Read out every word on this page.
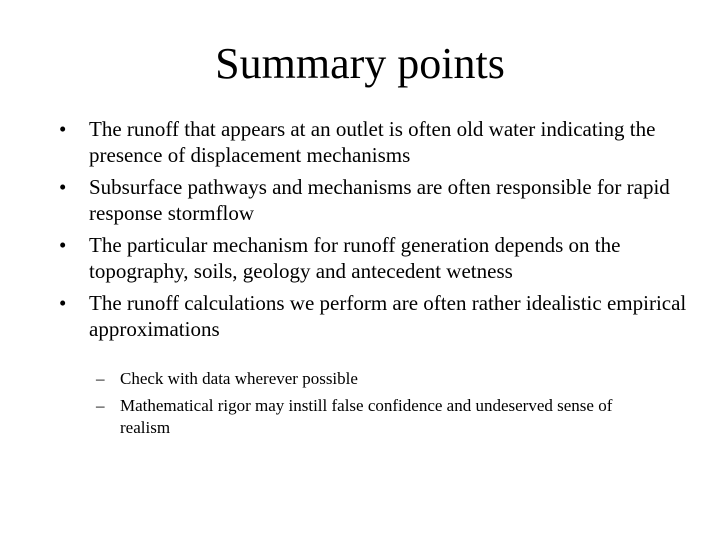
Summary points
• The runoff that appears at an outlet is often old water indicating the presence of displacement mechanisms
• Subsurface pathways and mechanisms are often responsible for rapid response stormflow
• The particular mechanism for runoff generation depends on the topography, soils, geology and antecedent wetness
• The runoff calculations we perform are often rather idealistic empirical approximations
– Check with data wherever possible
– Mathematical rigor may instill false confidence and undeserved sense of realism
